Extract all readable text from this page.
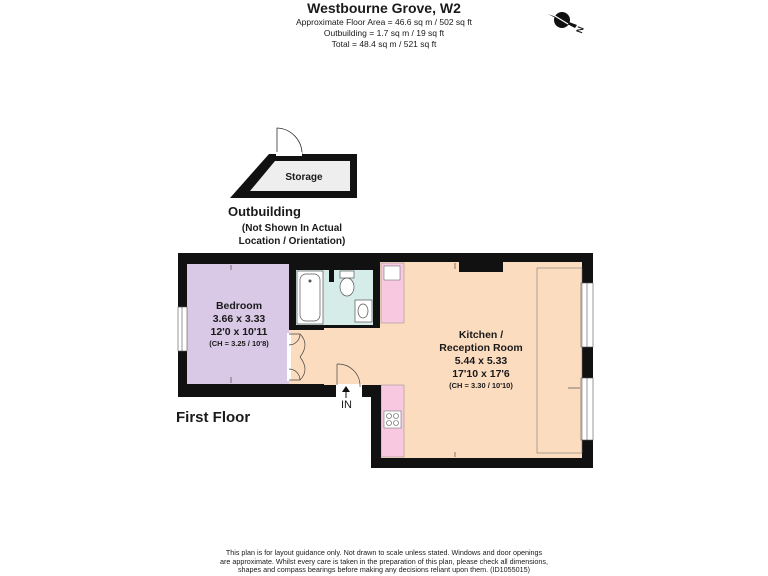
Westbourne Grove, W2
Approximate Floor Area = 46.6 sq m / 502 sq ft
Outbuilding = 1.7 sq m / 19 sq ft
Total = 48.4 sq m / 521 sq ft
N
Storage
Outbuilding
(Not Shown In Actual
Location / Orientation)
Bedroom
3.66 x 3.33
12'0 x 10'11
(CH = 3.25 / 10'8)
Kitchen /
Reception Room
5.44 x 5.33
17'10 x 17'6
(CH = 3.30 / 10'10)
IN
First Floor
This plan is for layout guidance only. Not drawn to scale unless stated. Windows and door openings
are approximate. Whilst every care is taken in the preparation of this plan, please check all dimensions,
shapes and compass bearings before making any decisions reliant upon them. (ID1055015)
